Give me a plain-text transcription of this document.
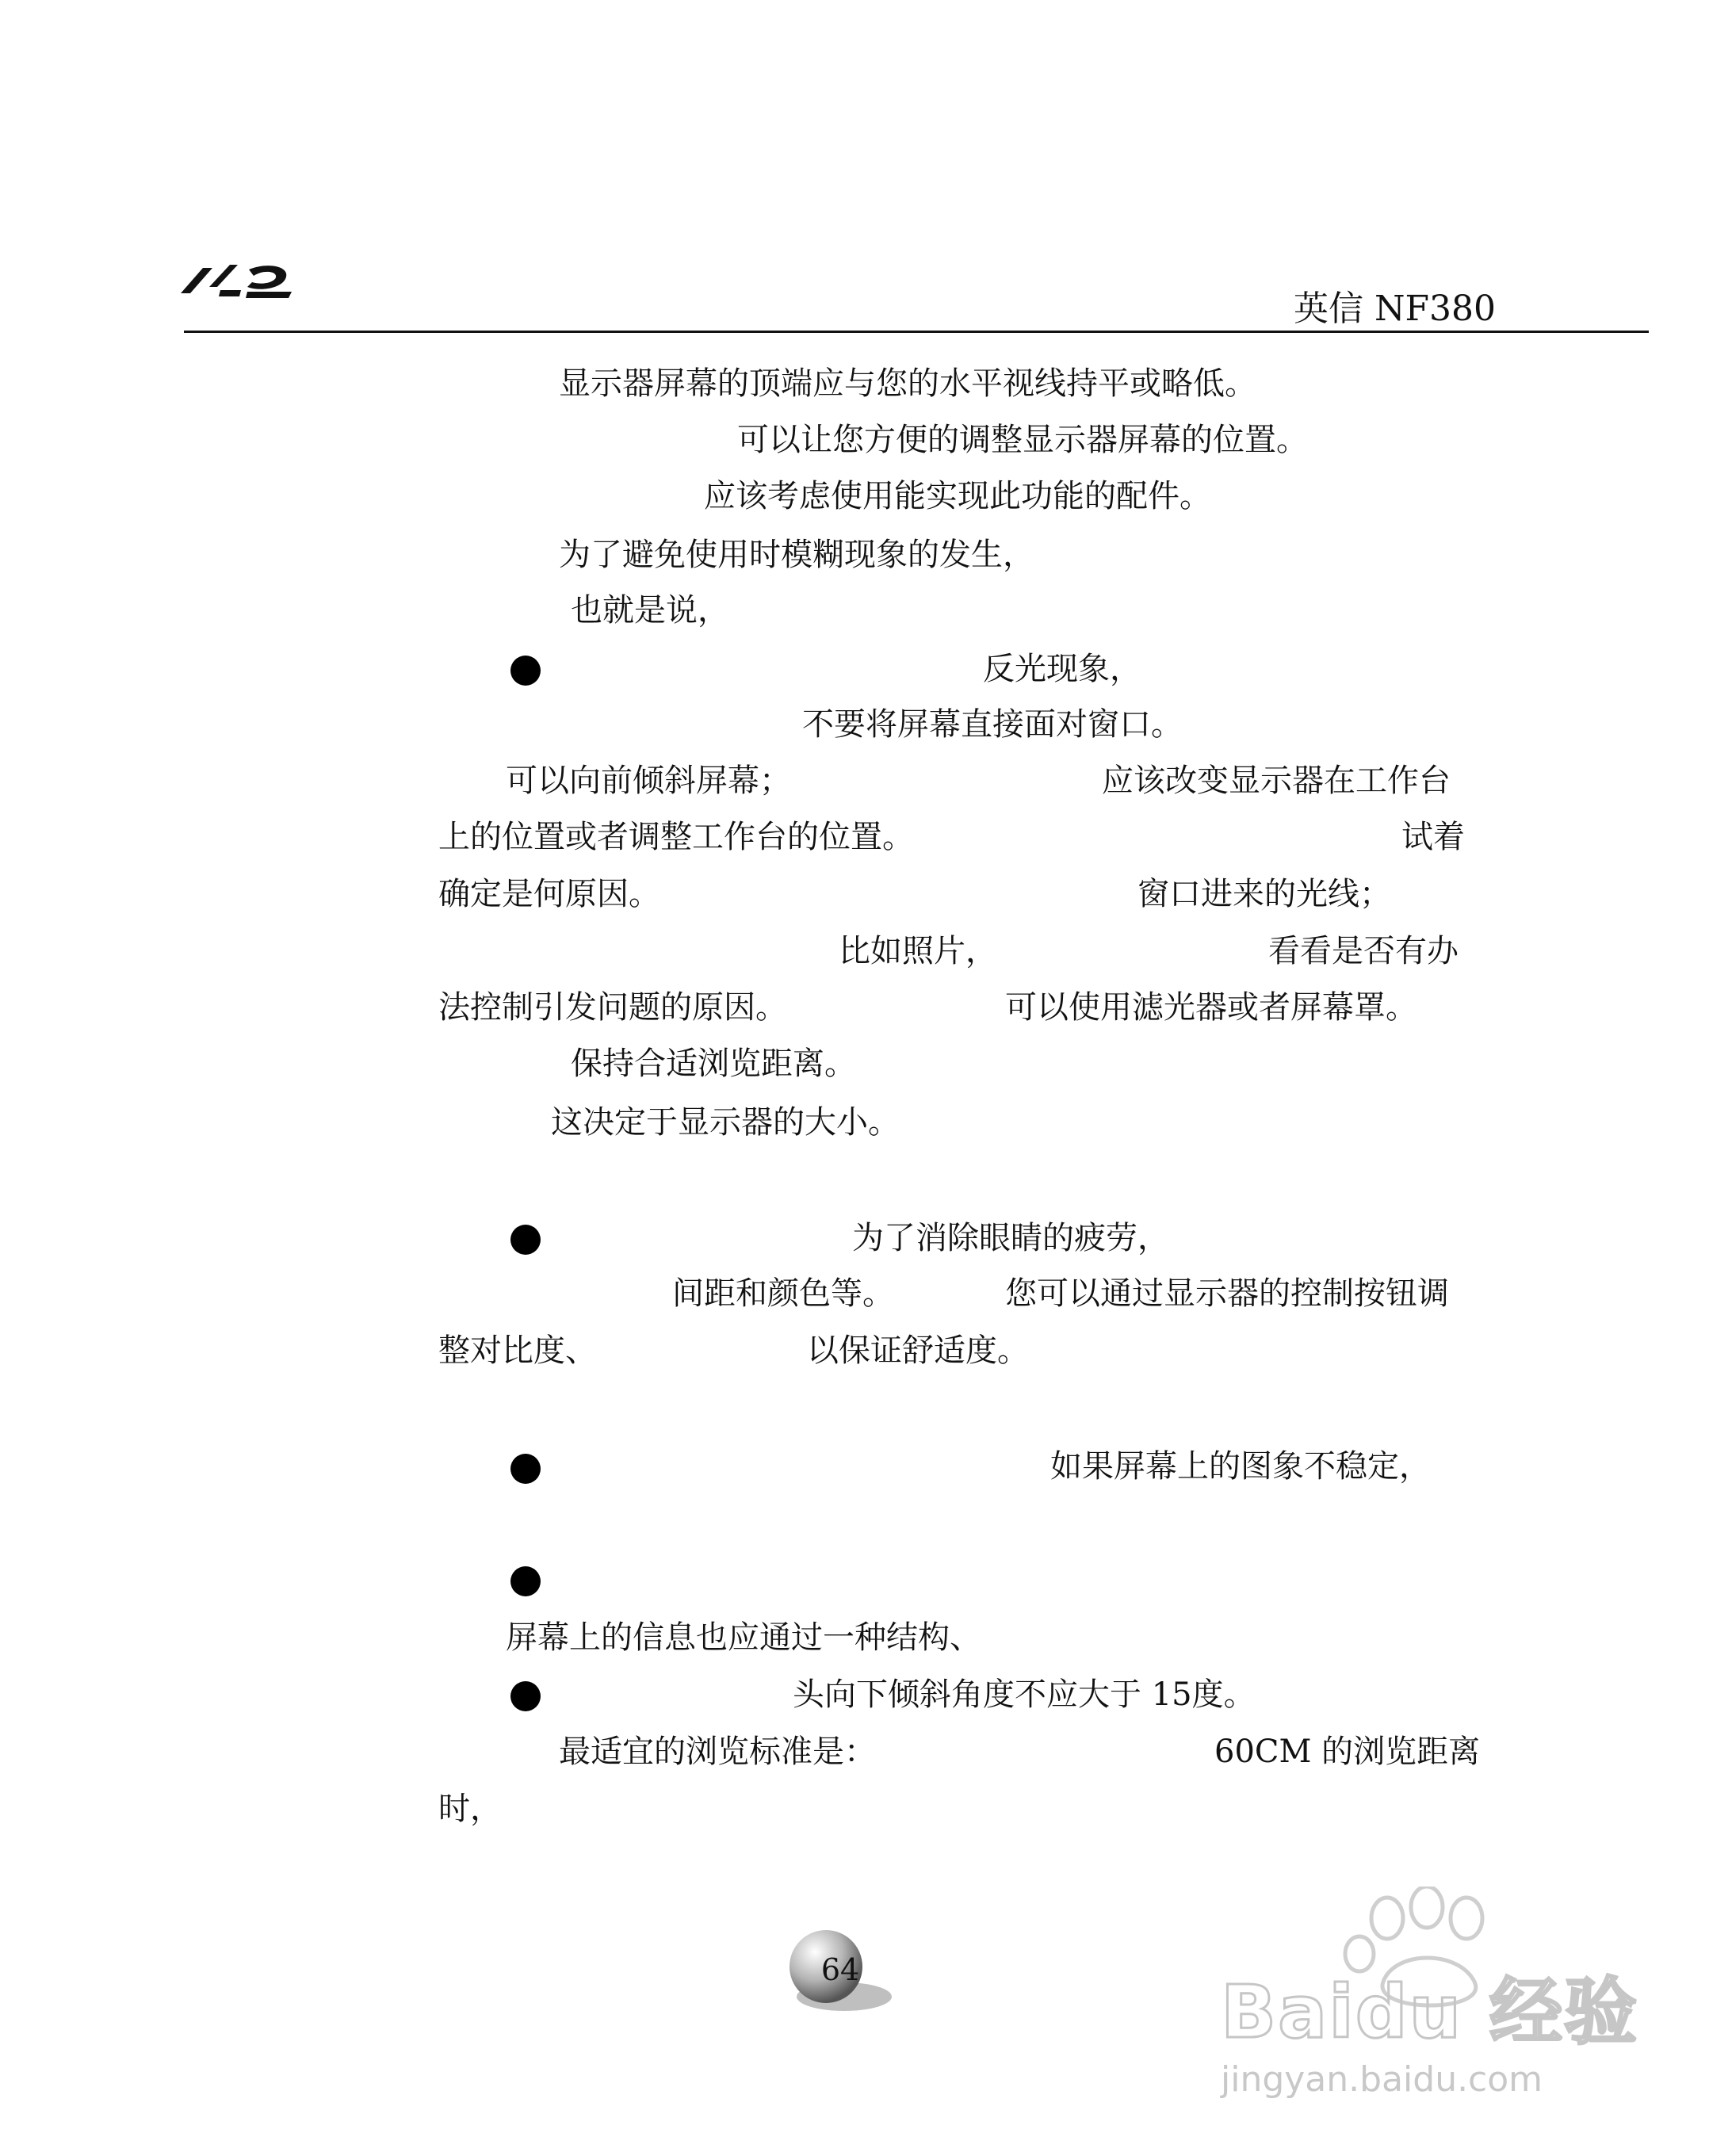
英信 NF380
显示器屏幕的顶端应与您的水平视线持平或略低。
可以让您方便的调整显示器屏幕的位置。
应该考虑使用能实现此功能的配件。
为了避免使用时模糊现象的发生，
也就是说，
反光现象，
不要将屏幕直接面对窗口。
可以向前倾斜屏幕；	应该改变显示器在工作台
上的位置或者调整工作台的位置。	试着
确定是何原因。	窗口进来的光线；
比如照片，	看看是否有办
法控制引发问题的原因。	可以使用滤光器或者屏幕罩。
保持合适浏览距离。
这决定于显示器的大小。
为了消除眼睛的疲劳，
间距和颜色等。	您可以通过显示器的控制按钮调
整对比度、	以保证舒适度。
如果屏幕上的图象不稳定，
屏幕上的信息也应通过一种结构、
头向下倾斜角度不应大于 15度。
最适宜的浏览标准是：	60CM 的浏览距离
时，
64	Baidu 经验
jingyan.baidu.com
